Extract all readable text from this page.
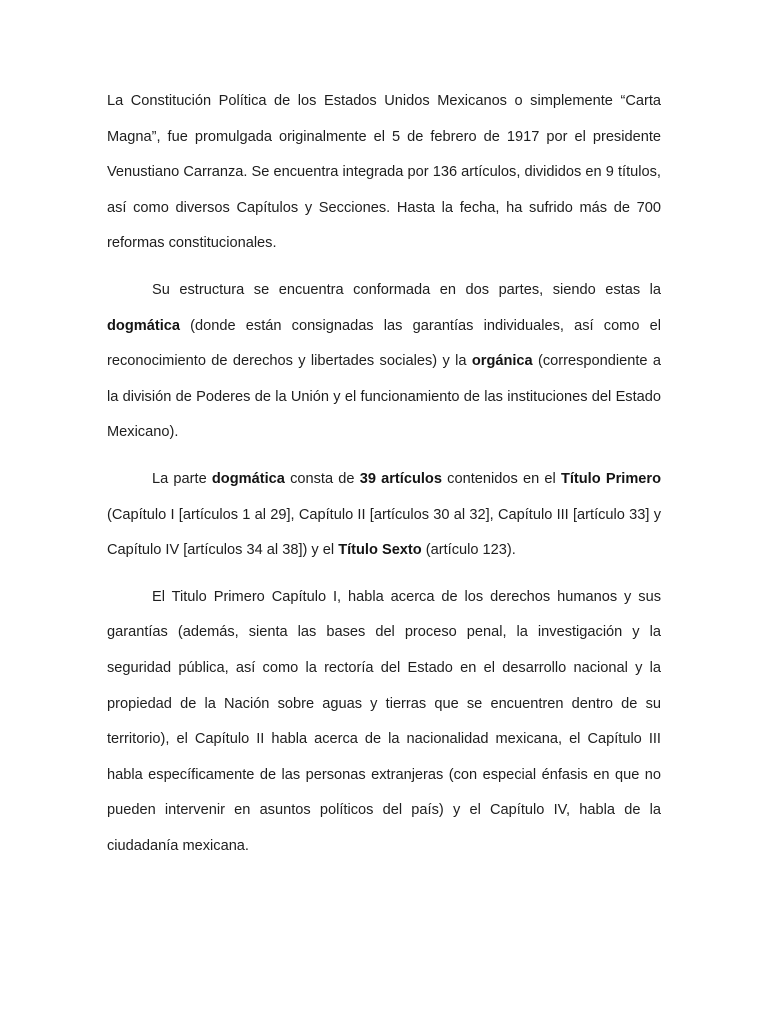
La Constitución Política de los Estados Unidos Mexicanos o simplemente “Carta Magna”, fue promulgada originalmente el 5 de febrero de 1917 por el presidente Venustiano Carranza. Se encuentra integrada por 136 artículos, divididos en 9 títulos, así como diversos Capítulos y Secciones. Hasta la fecha, ha sufrido más de 700 reformas constitucionales.

Su estructura se encuentra conformada en dos partes, siendo estas la dogmática (donde están consignadas las garantías individuales, así como el reconocimiento de derechos y libertades sociales) y la orgánica (correspondiente a la división de Poderes de la Unión y el funcionamiento de las instituciones del Estado Mexicano).

La parte dogmática consta de 39 artículos contenidos en el Título Primero (Capítulo I [artículos 1 al 29], Capítulo II [artículos 30 al 32], Capítulo III [artículo 33] y Capítulo IV [artículos 34 al 38]) y el Título Sexto (artículo 123).

El Titulo Primero Capítulo I, habla acerca de los derechos humanos y sus garantías (además, sienta las bases del proceso penal, la investigación y la seguridad pública, así como la rectoría del Estado en el desarrollo nacional y la propiedad de la Nación sobre aguas y tierras que se encuentren dentro de su territorio), el Capítulo II habla acerca de la nacionalidad mexicana, el Capítulo III habla específicamente de las personas extranjeras (con especial énfasis en que no pueden intervenir en asuntos políticos del país) y el Capítulo IV, habla de la ciudadanía mexicana.
